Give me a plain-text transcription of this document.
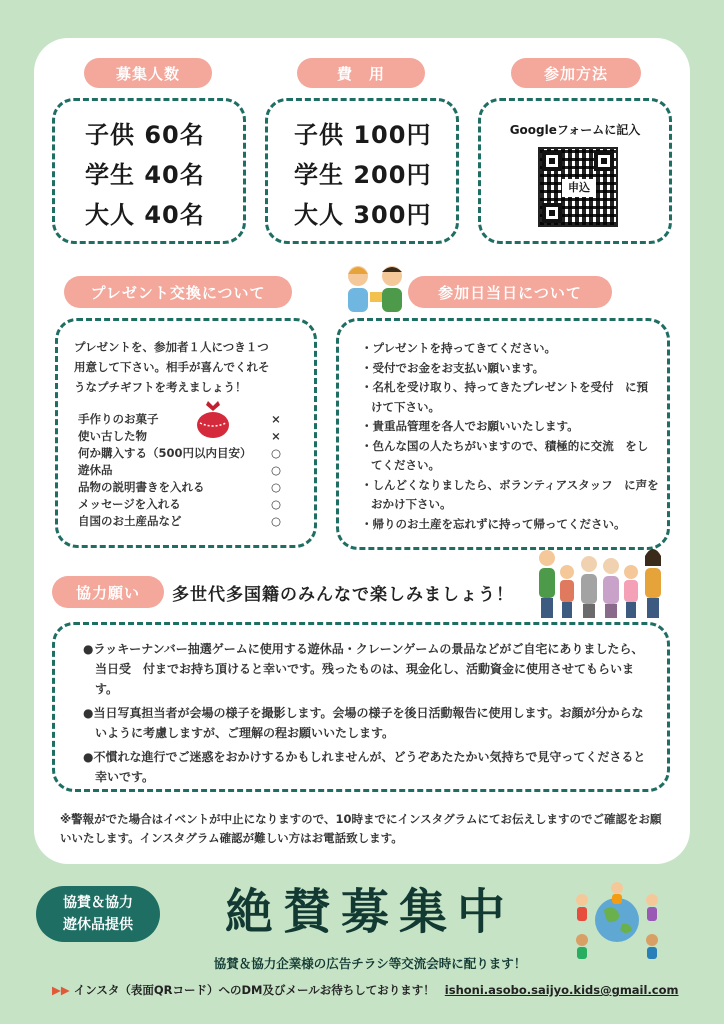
募集人数	費　用	参加方法
子供 60名
学生 40名
大人 40名
子供 100円
学生 200円
大人 300円
Googleフォームに記入
申込
プレゼント交換について
プレゼントを、参加者１人につき１つ
用意して下さい。相手が喜んでくれそ
うなプチギフトを考えましょう！
手作りのお菓子	×
使い古した物	×
何か購入する（500円以内目安） ○
遊休品	○
品物の説明書きを入れる	○
メッセージを入れる	○
自国のお土産品など	○
参加日当日について
・プレゼントを持ってきてください。
・受付でお金をお支払い願います。
・名札を受け取り、持ってきたプレゼントを受付　に預けて下さい。
・貴重品管理を各人でお願いいたします。
・色んな国の人たちがいますので、積極的に交流　をしてください。
・しんどくなりましたら、ボランティアスタッフ　に声をおかけ下さい。
・帰りのお土産を忘れずに持って帰ってください。
協力願い	多世代多国籍のみんなで楽しみましょう！

●ラッキーナンバー抽選ゲームに使用する遊休品・クレーンゲームの景品などがご自宅にありましたら、当日受　付までお持ち頂けると幸いです。残ったものは、現金化し、活動資金に使用させてもらいます。

●当日写真担当者が会場の様子を撮影します。会場の様子を後日活動報告に使用します。お顔が分からないように考慮しますが、ご理解の程お願いいたします。

●不慣れな進行でご迷惑をおかけするかもしれませんが、どうぞあたたかい気持ちで見守ってくださると幸いです。

※警報がでた場合はイベントが中止になりますので、10時までにインスタグラムにてお伝えしますのでご確認をお願いいたします。インスタグラム確認が難しい方はお電話致します。
協賛＆協力
遊休品提供	絶賛募集中
協賛＆協力企業様の広告チラシ等交流会時に配ります！
▶▶ インスタ（表面QRコード）へのDM及びメールお待ちしております！ ishoni.asobo.saijyo.kids@gmail.com
